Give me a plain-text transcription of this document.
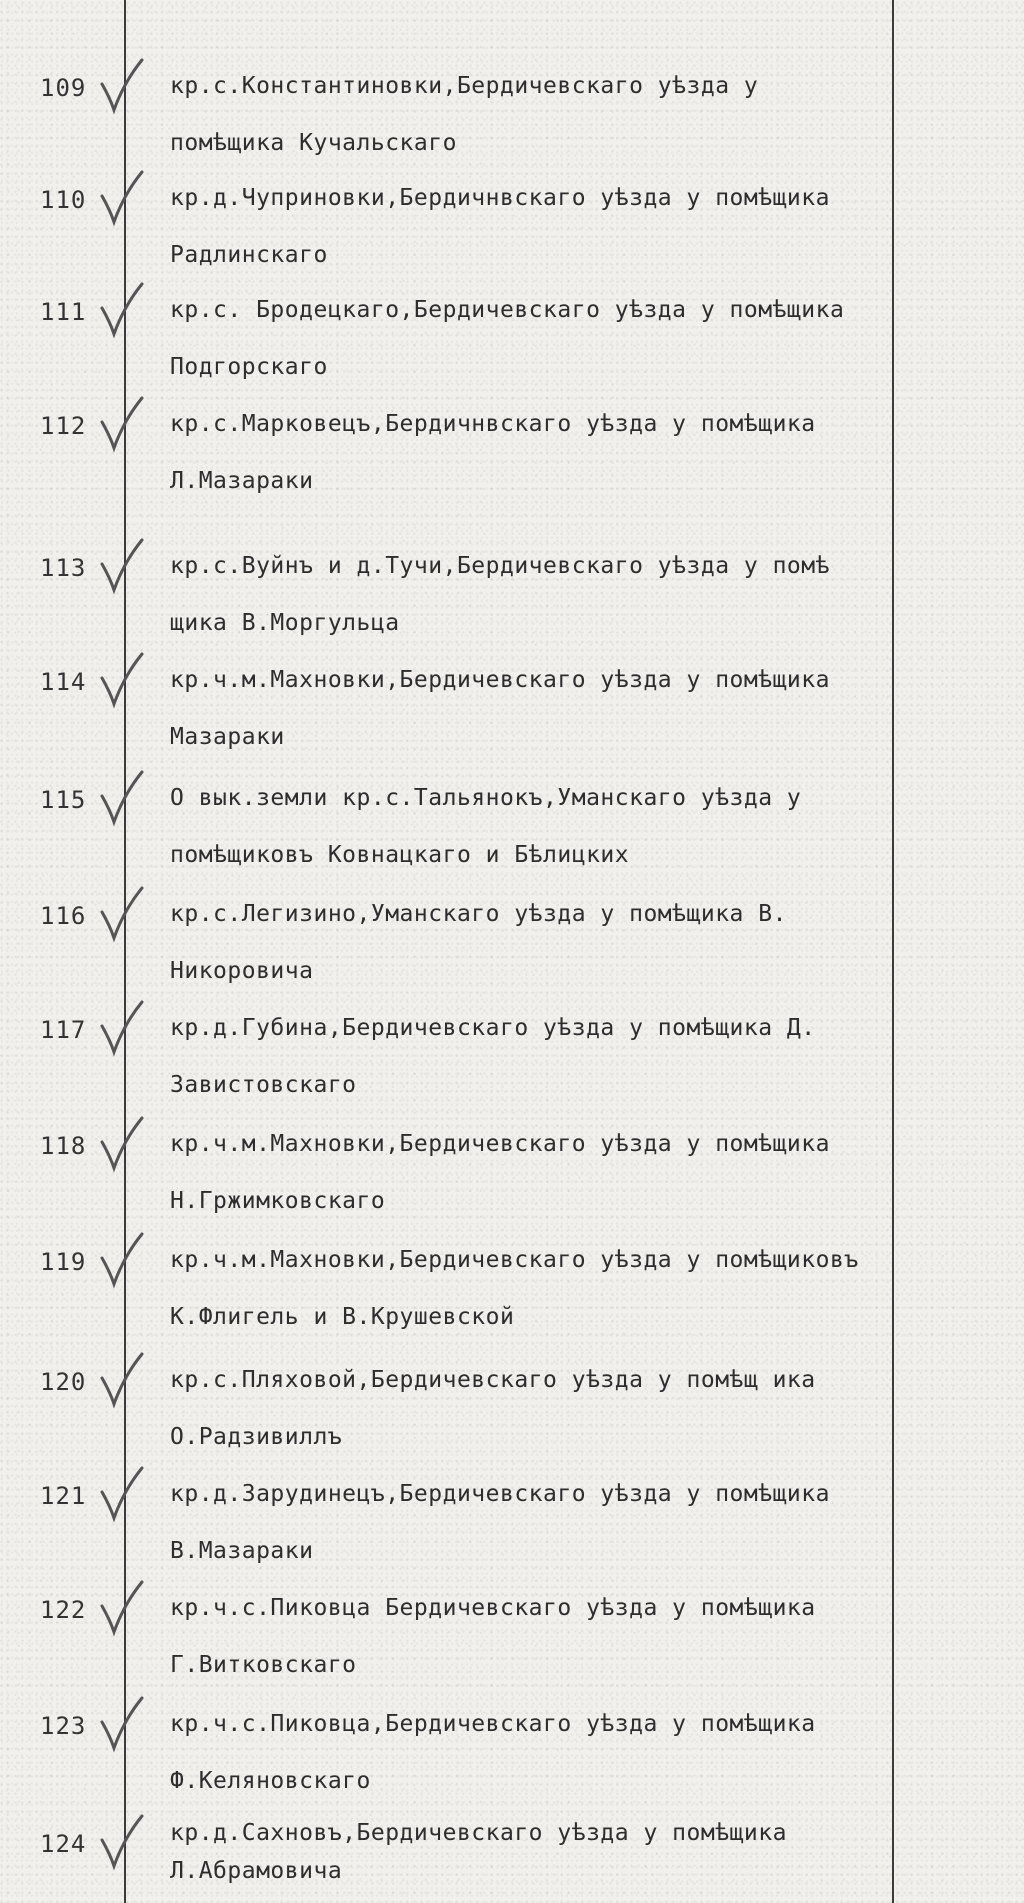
109	кр.с.Константиновки,Бердичевскаго уѣзда у
помѣщика Кучальскаго
110	кр.д.Чуприновки,Бердичнвскаго уѣзда у помѣщика
Радлинскаго
111	кр.с. Бродецкаго,Бердичевскаго уѣзда у помѣщика
Подгорскаго
112	кр.с.Марковецъ,Бердичнвскаго уѣзда у помѣщика
Л.Мазараки
113	кр.с.Вуйнъ и д.Тучи,Бердичевскаго уѣзда у помѣ
щика В.Моргульца
114	кр.ч.м.Махновки,Бердичевскаго уѣзда у помѣщика
Мазараки
115	О вык.земли кр.с.Тальянокъ,Уманскаго уѣзда у
помѣщиковъ Ковнацкаго и Бѣлицких
116	кр.с.Легизино,Уманскаго уѣзда у помѣщика В.
Никоровича
117	кр.д.Губина,Бердичевскаго уѣзда у помѣщика Д.
Завистовскаго
118	кр.ч.м.Махновки,Бердичевскаго уѣзда у помѣщика
Н.Гржимковскаго
119	кр.ч.м.Махновки,Бердичевскаго уѣзда у помѣщиковъ
К.Флигель и В.Крушевской
120	кр.с.Пляховой,Бердичевскаго уѣзда у помѣщ ика
О.Радзивиллъ
121	кр.д.Зарудинецъ,Бердичевскаго уѣзда у помѣщика
В.Мазараки
122	кр.ч.с.Пиковца Бердичевскаго уѣзда у помѣщика
Г.Витковскаго
123	кр.ч.с.Пиковца,Бердичевскаго уѣзда у помѣщика
Ф.Келяновскаго
124	кр.д.Сахновъ,Бердичевскаго уѣзда у помѣщика
Л.Абрамовича
